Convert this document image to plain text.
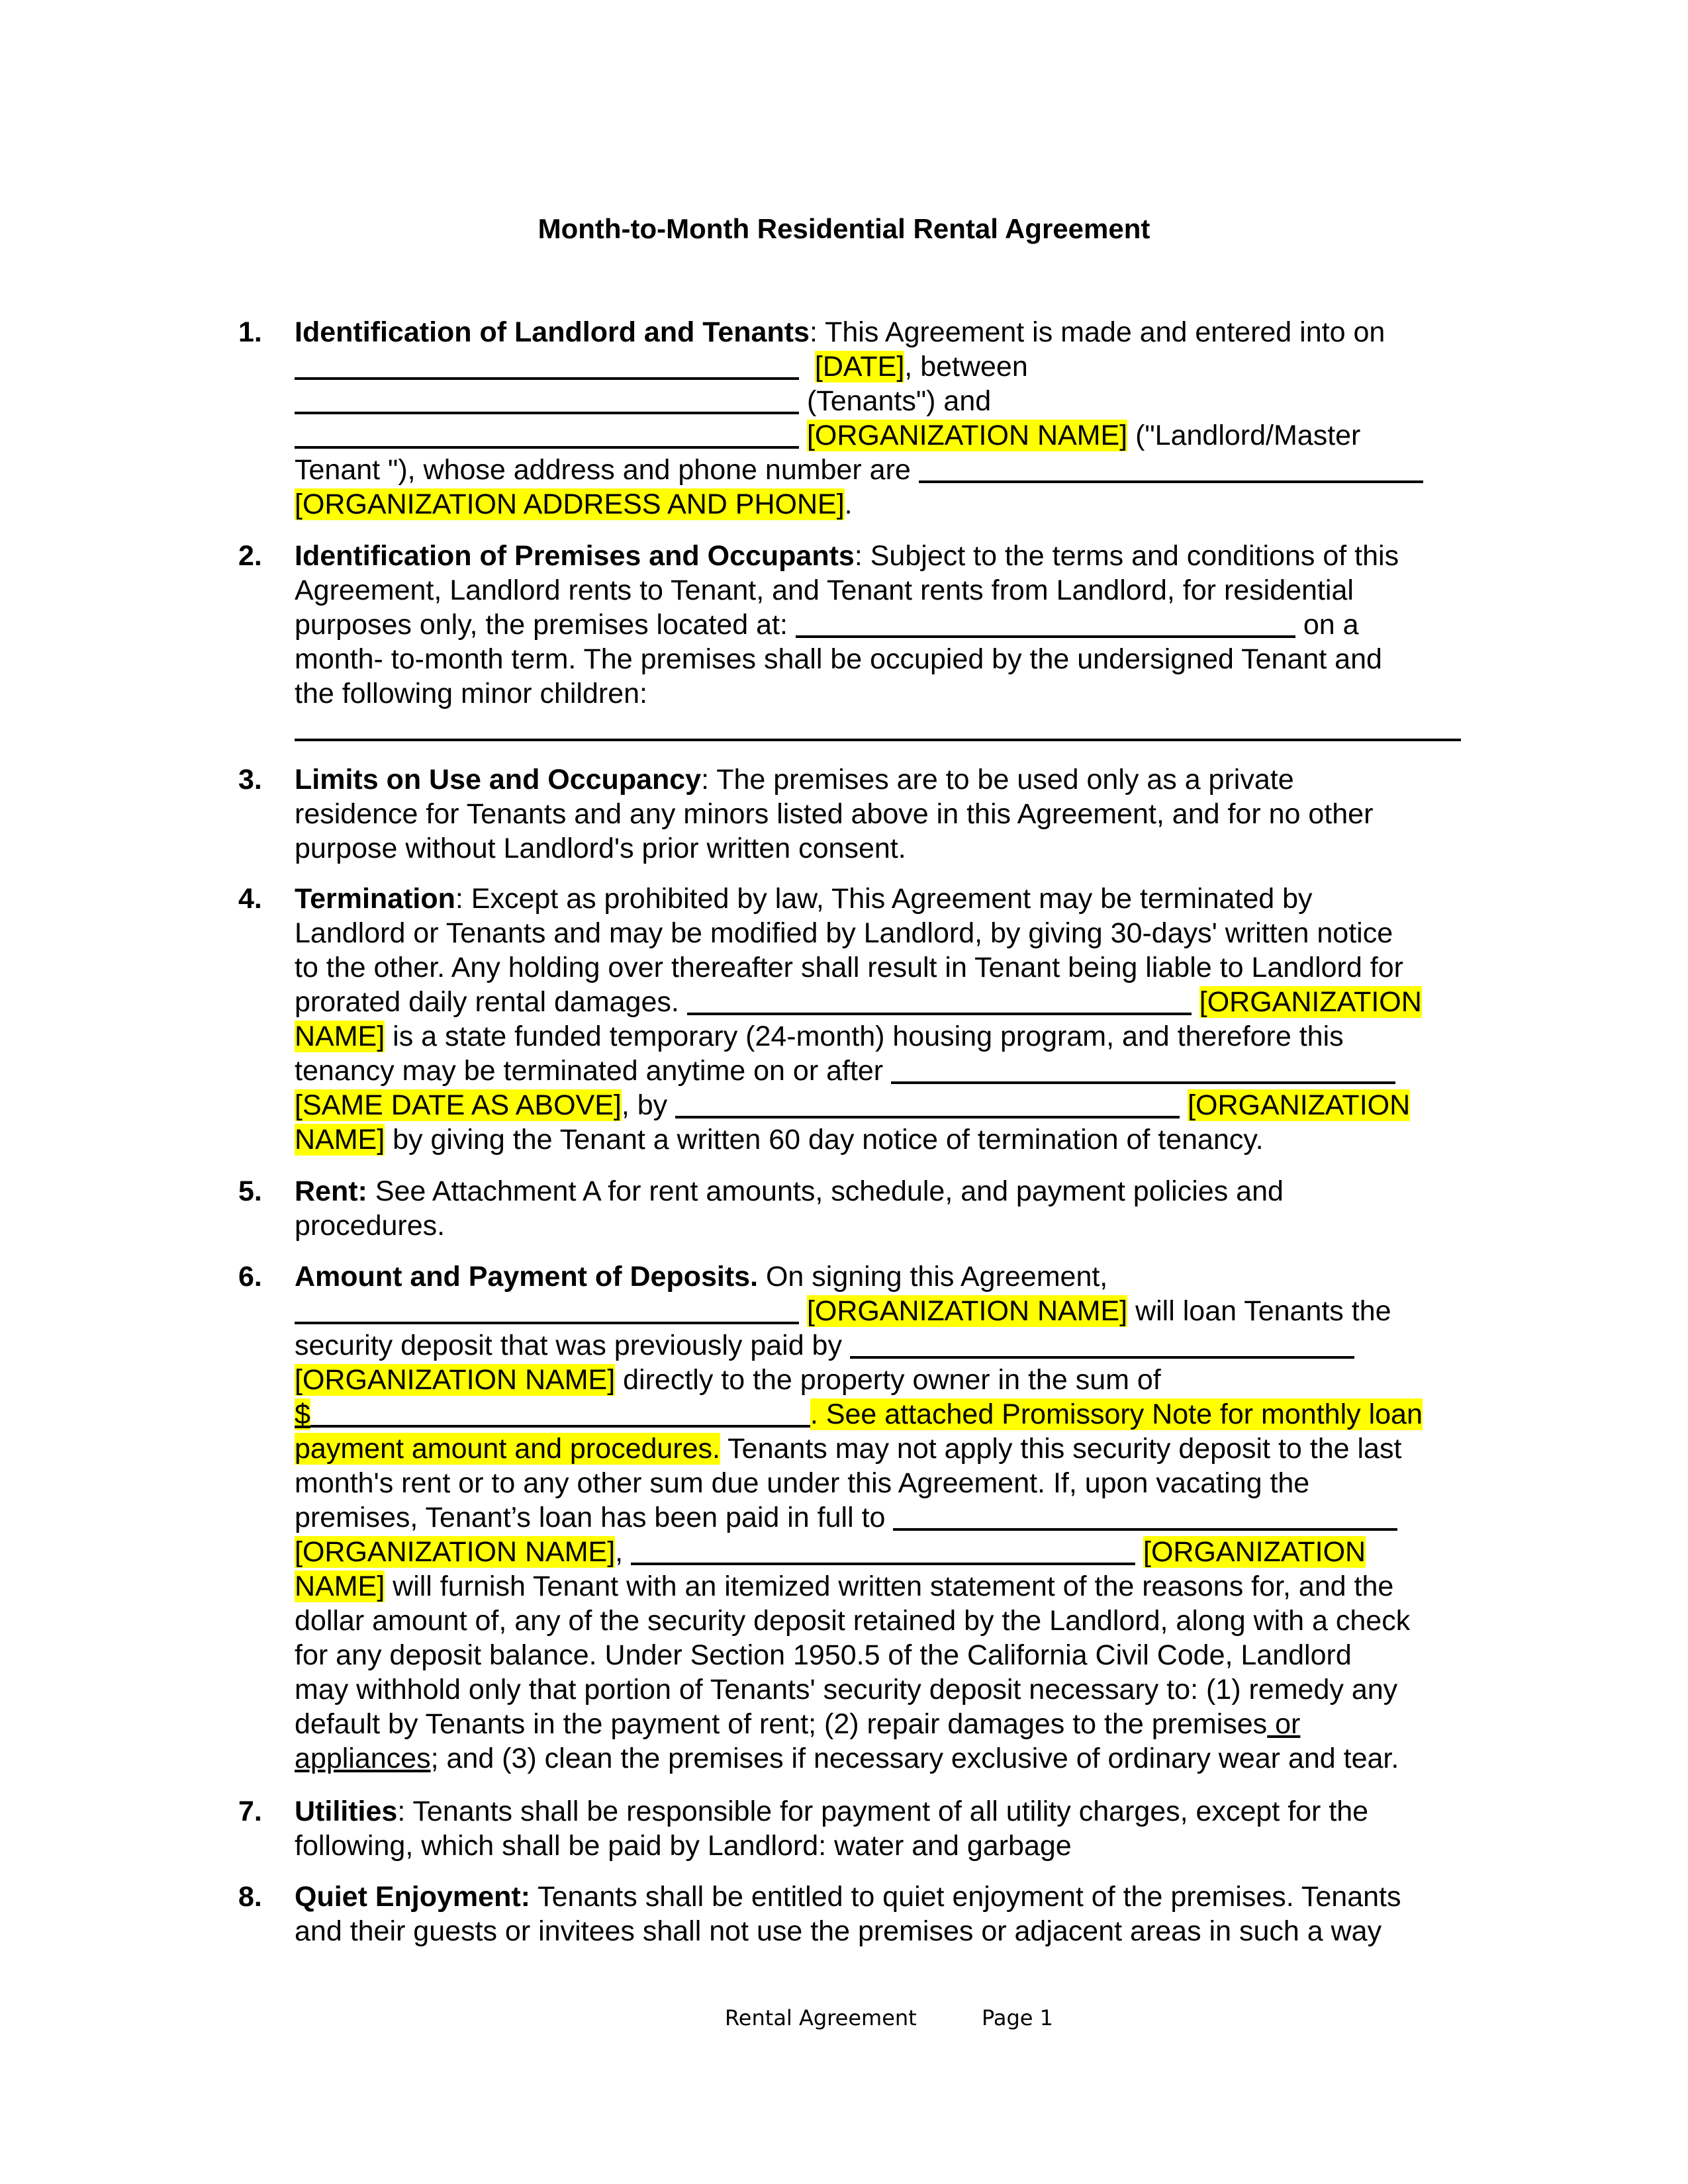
Month-to-Month Residential Rental Agreement
1. Identification of Landlord and Tenants: This Agreement is made and entered into on
[DATE], between
(Tenants") and
[ORGANIZATION NAME] ("Landlord/Master
Tenant "), whose address and phone number are
[ORGANIZATION ADDRESS AND PHONE].
2. Identification of Premises and Occupants: Subject to the terms and conditions of this
Agreement, Landlord rents to Tenant, and Tenant rents from Landlord, for residential
purposes only, the premises located at:	on a
month- to-month term. The premises shall be occupied by the undersigned Tenant and
the following minor children:
3. Limits on Use and Occupancy: The premises are to be used only as a private
residence for Tenants and any minors listed above in this Agreement, and for no other
purpose without Landlord's prior written consent.
4. Termination: Except as prohibited by law, This Agreement may be terminated by
Landlord or Tenants and may be modified by Landlord, by giving 30-days' written notice
to the other. Any holding over thereafter shall result in Tenant being liable to Landlord for
prorated daily rental damages.	[ORGANIZATION
NAME] is a state funded temporary (24-month) housing program, and therefore this
tenancy may be terminated anytime on or after
[SAME DATE AS ABOVE], by	[ORGANIZATION
NAME] by giving the Tenant a written 60 day notice of termination of tenancy.
5. Rent: See Attachment A for rent amounts, schedule, and payment policies and
procedures.
6. Amount and Payment of Deposits. On signing this Agreement,
[ORGANIZATION NAME] will loan Tenants the
security deposit that was previously paid by
[ORGANIZATION NAME] directly to the property owner in the sum of
$	. See attached Promissory Note for monthly loan
payment amount and procedures. Tenants may not apply this security deposit to the last
month's rent or to any other sum due under this Agreement. If, upon vacating the
premises, Tenant’s loan has been paid in full to
[ORGANIZATION NAME],	[ORGANIZATION
NAME] will furnish Tenant with an itemized written statement of the reasons for, and the
dollar amount of, any of the security deposit retained by the Landlord, along with a check
for any deposit balance. Under Section 1950.5 of the California Civil Code, Landlord
may withhold only that portion of Tenants' security deposit necessary to: (1) remedy any
default by Tenants in the payment of rent; (2) repair damages to the premises or
appliances; and (3) clean the premises if necessary exclusive of ordinary wear and tear.
7. Utilities: Tenants shall be responsible for payment of all utility charges, except for the
following, which shall be paid by Landlord: water and garbage
8. Quiet Enjoyment: Tenants shall be entitled to quiet enjoyment of the premises. Tenants
and their guests or invitees shall not use the premises or adjacent areas in such a way
Rental Agreement	Page 1
